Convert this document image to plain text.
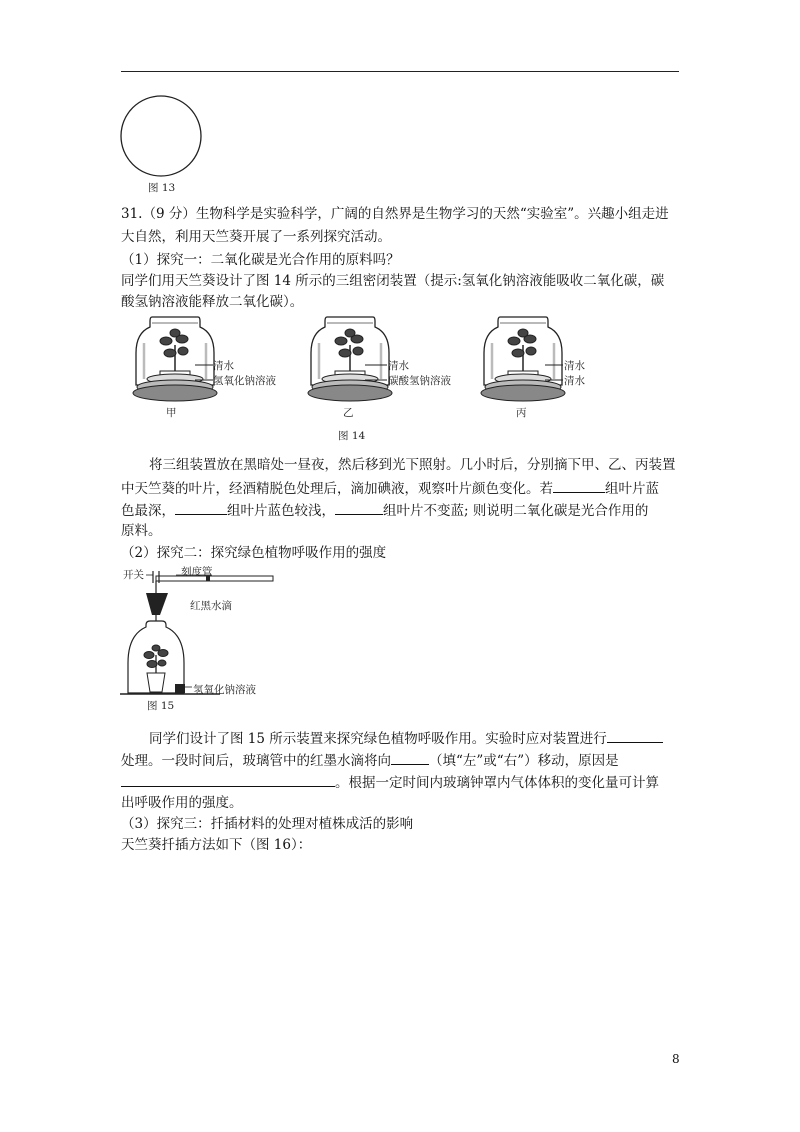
图 13
31.（9 分）生物科学是实验科学，广阔的自然界是生物学习的天然“实验室”。兴趣小组走进
大自然，利用天竺葵开展了一系列探究活动。
（1）探究一：二氧化碳是光合作用的原料吗？
同学们用天竺葵设计了图 14 所示的三组密闭装置（提示:氢氧化钠溶液能吸收二氧化碳，碳
酸氢钠溶液能释放二氧化碳）。
清水
氢氧化钠溶液
甲
清水
碳酸氢钠溶液
乙
清水
清水
丙
图 14
将三组装置放在黑暗处一昼夜，然后移到光下照射。几小时后，分别摘下甲、乙、丙装置
中天竺葵的叶片，经酒精脱色处理后，滴加碘液，观察叶片颜色变化。若	组叶片蓝
色最深，	组叶片蓝色较浅，	组叶片不变蓝; 则说明二氧化碳是光合作用的
原料。
（2）探究二：探究绿色植物呼吸作用的强度
开关	刻度管
红黑水滴
氢氧化钠溶液
图 15
同学们设计了图 15 所示装置来探究绿色植物呼吸作用。实验时应对装置进行
处理。一段时间后，玻璃管中的红墨水滴将向	（填“左”或“右”）移动，原因是
。根据一定时间内玻璃钟罩内气体体积的变化量可计算
出呼吸作用的强度。
（3）探究三：扦插材料的处理对植株成活的影响
天竺葵扦插方法如下（图 16）：
8
